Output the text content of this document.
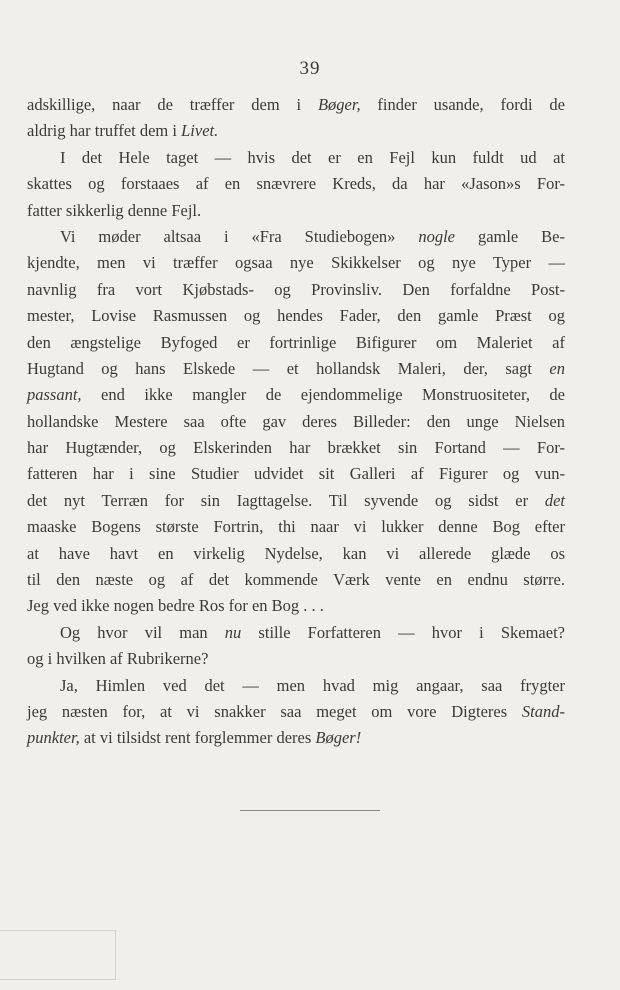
39
adskillige, naar de træffer dem i Bøger, finder usande, fordi de
aldrig har truffet dem i Livet.
I det Hele taget — hvis det er en Fejl kun fuldt ud at
skattes og forstaaes af en snævrere Kreds, da har «Jason»s For-
fatter sikkerlig denne Fejl.
Vi møder altsaa i «Fra Studiebogen» nogle gamle Be-
kjendte, men vi træffer ogsaa nye Skikkelser og nye Typer —
navnlig fra vort Kjøbstads- og Provinsliv. Den forfaldne Post-
mester, Lovise Rasmussen og hendes Fader, den gamle Præst og
den ængstelige Byfoged er fortrinlige Bifigurer om Maleriet af
Hugtand og hans Elskede — et hollandsk Maleri, der, sagt en
passant, end ikke mangler de ejendommelige Monstruositeter, de
hollandske Mestere saa ofte gav deres Billeder: den unge Nielsen
har Hugtænder, og Elskerinden har brækket sin Fortand — For-
fatteren har i sine Studier udvidet sit Galleri af Figurer og vun-
det nyt Terræn for sin Iagttagelse. Til syvende og sidst er det
maaske Bogens største Fortrin, thi naar vi lukker denne Bog efter
at have havt en virkelig Nydelse, kan vi allerede glæde os
til den næste og af det kommende Værk vente en endnu større.
Jeg ved ikke nogen bedre Ros for en Bog . . .
Og hvor vil man nu stille Forfatteren — hvor i Skemaet?
og i hvilken af Rubrikerne?
Ja, Himlen ved det — men hvad mig angaar, saa frygter
jeg næsten for, at vi snakker saa meget om vore Digteres Stand-
punkter, at vi tilsidst rent forglemmer deres Bøger!
